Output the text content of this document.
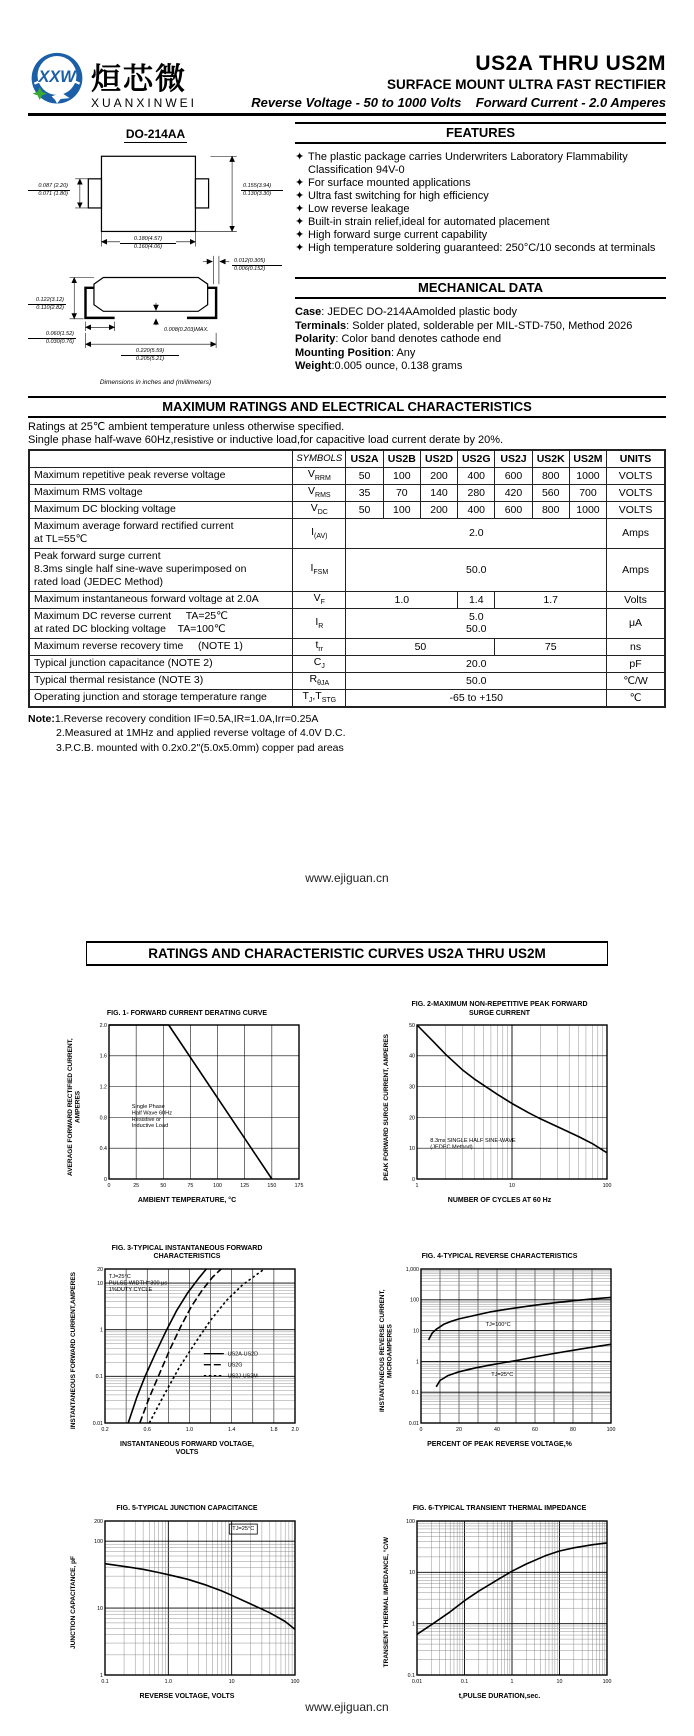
XXW 烜芯微
XUANXINWEI
US2A THRU US2M
SURFACE MOUNT ULTRA FAST RECTIFIER
Reverse Voltage - 50 to 1000 Volts    Forward Current - 2.0 Amperes
DO-214AA
0.087 (2.20)
0.071 (1.80)
0.155(3.94)
0.130(3.30)
0.180(4.57)
0.160(4.06)
0.012(0.305)
0.006(0.152)
0.122(3.12)
0.110(2.82)
0.060(1.52)
0.030(0.76)
0.008(0.203)MAX.
0.220(5.59)
0.205(5.21)
Dimensions in inches and (millimeters)
FEATURES
✦ The plastic package carries Underwriters Laboratory Flammability Classification 94V-0
✦ For surface mounted applications
✦ Ultra fast switching for high efficiency
✦ Low reverse leakage
✦ Built-in strain relief,ideal for automated placement
✦ High forward surge current capability
✦ High temperature soldering guaranteed: 250°C/10 seconds at terminals
MECHANICAL DATA
Case: JEDEC DO-214AAmolded plastic body
Terminals: Solder plated, solderable per MIL-STD-750, Method 2026
Polarity: Color band denotes cathode end
Mounting Position: Any
Weight:0.005 ounce, 0.138 grams
MAXIMUM RATINGS AND ELECTRICAL CHARACTERISTICS
Ratings at 25℃ ambient temperature unless otherwise specified.
Single phase half-wave 60Hz,resistive or inductive load,for capacitive load current derate by 20%.
	SYMBOLS	US2A	US2B	US2D	US2G	US2J	US2K	US2M	UNITS
Maximum repetitive peak reverse voltage	$V_{RRM}$	50	100	200	400	600	800	1000	VOLTS
Maximum RMS voltage	$V_{RMS}$	35	70	140	280	420	560	700	VOLTS
Maximum DC blocking voltage	$V_{DC}$	50	100	200	400	600	800	1000	VOLTS
Maximum average forward rectified current
at TL=55℃	$I_{(AV)}$	2.0							Amps
Peak forward surge current
8.3ms single half sine-wave superimposed on
rated load (JEDEC Method)	$I_{FSM}$	50.0							Amps
Maximum instantaneous forward voltage at 2.0A	$V_F$	1.0			1.4	1.7			Volts
Maximum DC reverse current     TA=25℃
at rated DC blocking voltage    TA=100℃	$I_R$	5.0
50.0							μA
Maximum reverse recovery time     (NOTE 1)	$t_{rr}$	50				75			ns
Typical junction capacitance (NOTE 2)	$C_J$	20.0							pF
Typical thermal resistance (NOTE 3)	$R_{\theta JA}$	50.0							℃/W
Operating junction and storage temperature range	$T_J,T_{STG}$	-65 to +150							℃
Note:1.Reverse recovery condition IF=0.5A,IR=1.0A,Irr=0.25A
2.Measured at 1MHz and applied reverse voltage of 4.0V D.C.
3.P.C.B. mounted with 0.2x0.2"(5.0x5.0mm) copper pad areas
www.ejiguan.cn
RATINGS AND CHARACTERISTIC CURVES US2A THRU US2M
FIG. 1- FORWARD CURRENT DERATING CURVE
AVERAGE FORWARD RECTIFIED CURRENT, AMPERES
0	25	50	75	100	125	150	175
0
0.4
0.8
1.2
1.6
2.0
Single Phase
Half Wave 60Hz
Resistive or
Inductive Load
AMBIENT TEMPERATURE, °C
FIG. 2-MAXIMUM NON-REPETITIVE PEAK FORWARD SURGE CURRENT
PEAK FORWARD SURGE CURRENT, AMPERES
1	10	100
0
10
20
30
40
50
8.3ms SINGLE HALF SINE-WAVE
(JEDEC Method)
NUMBER OF CYCLES AT 60 Hz
FIG. 3-TYPICAL INSTANTANEOUS FORWARD CHARACTERISTICS
INSTANTANEOUS FORWARD CURRENT,AMPERES
0.2	0.6	1.0	1.4	1.8	2.0
0.01
0.1
1
10
20
TJ=25°C
PULSE WIDTH=300 μs
1%DUTY CYCLE
US2A-US2D
US2G
US2J-US2M
INSTANTANEOUS FORWARD VOLTAGE, VOLTS
FIG. 4-TYPICAL REVERSE CHARACTERISTICS
INSTANTANEOUS REVERSE CURRENT, MICROAMPERES
0	20	40	60	80	100
0.01
0.1
1
10
100
1,000
TJ=100°C
TJ=25°C
PERCENT OF PEAK REVERSE VOLTAGE,%
FIG. 5-TYPICAL JUNCTION CAPACITANCE
JUNCTION CAPACITANCE, pF
0.1	1.0	10	100
1
10
100
200
TJ=25°C
REVERSE VOLTAGE, VOLTS
FIG. 6-TYPICAL TRANSIENT THERMAL IMPEDANCE
TRANSIENT THERMAL IMPEDANCE, °C/W
0.01	0.1	1	10	100
0.1
1
10
100
t,PULSE DURATION,sec.
www.ejiguan.cn
